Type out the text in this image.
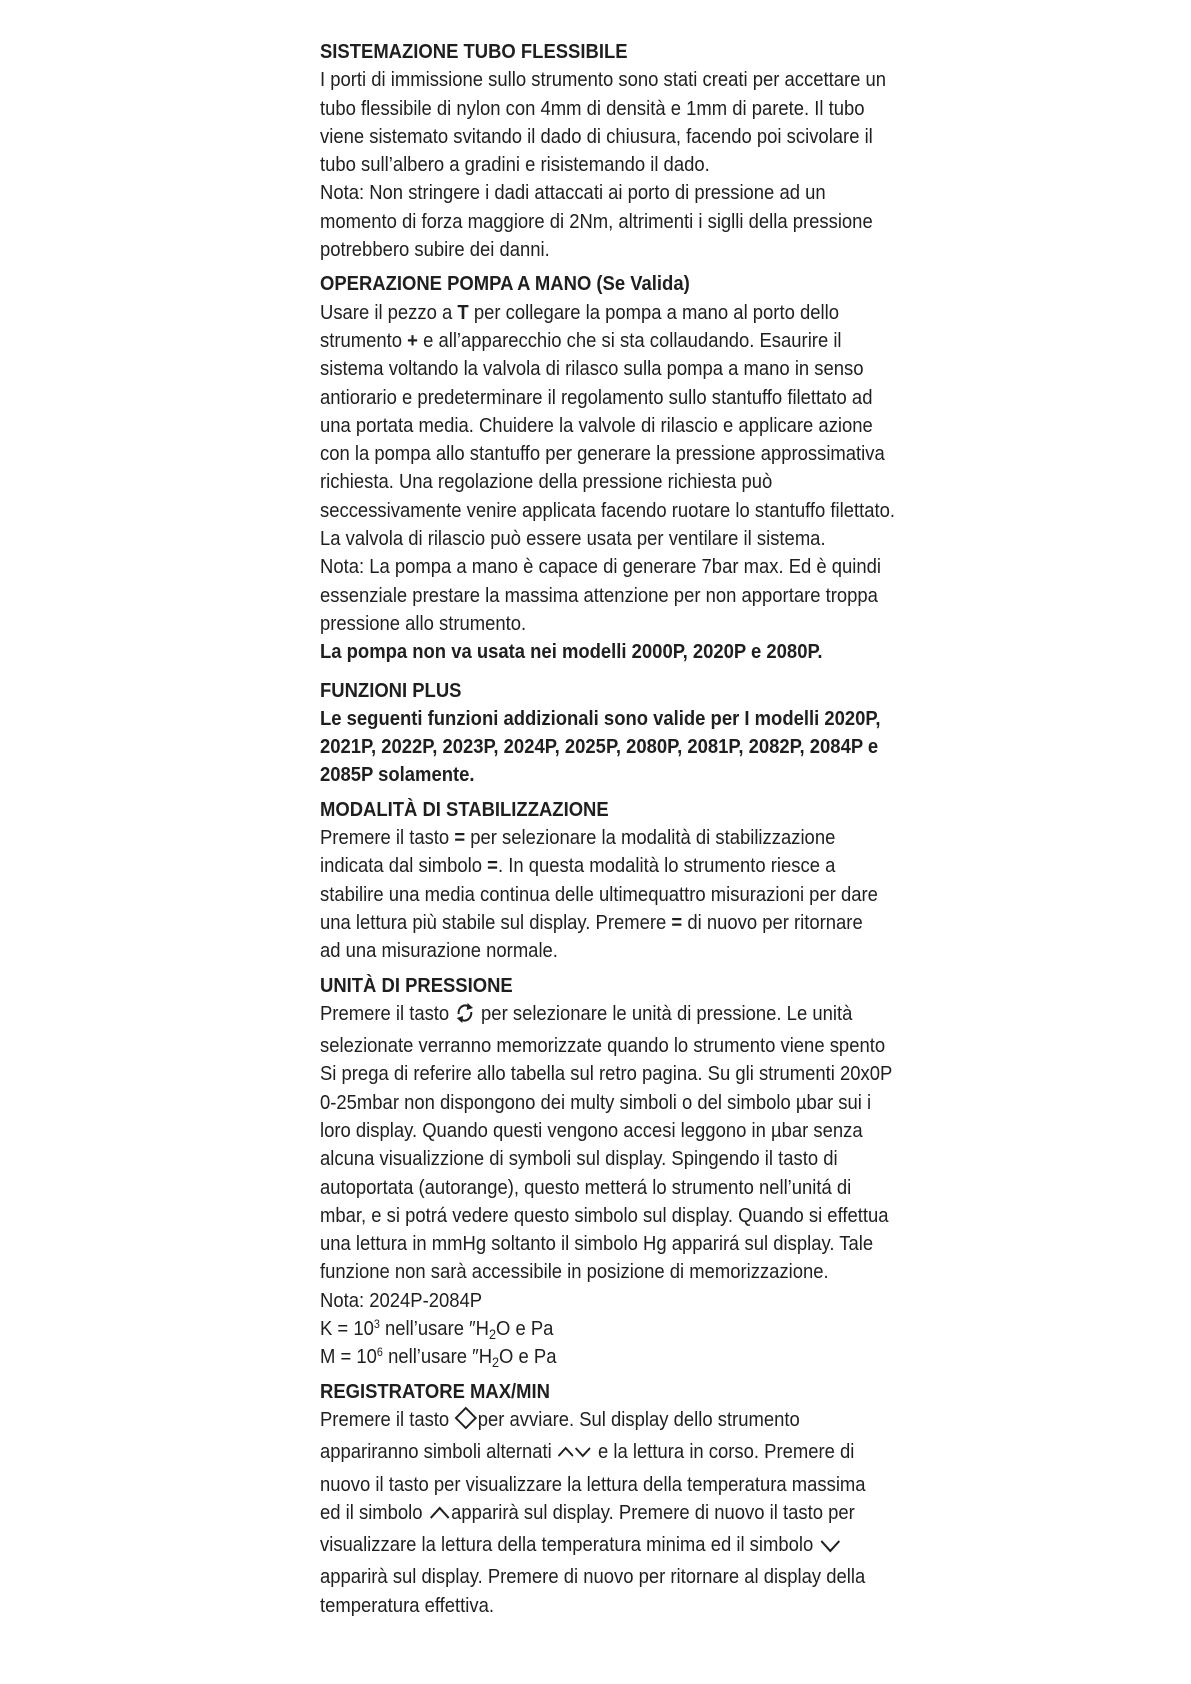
SISTEMAZIONE TUBO FLESSIBILE
I porti di immissione sullo strumento sono stati creati per accettare un
tubo flessibile di nylon con 4mm di densità e 1mm di parete. Il tubo
viene sistemato svitando il dado di chiusura, facendo poi scivolare il
tubo sull’albero a gradini e risistemando il dado.
Nota: Non stringere i dadi attaccati ai porto di pressione ad un
momento di forza maggiore di 2Nm, altrimenti i siglli della pressione
potrebbero subire dei danni.
OPERAZIONE POMPA A MANO (Se Valida)
Usare il pezzo a T per collegare la pompa a mano al porto dello
strumento + e all’apparecchio che si sta collaudando. Esaurire il
sistema voltando la valvola di rilasco sulla pompa a mano in senso
antiorario e predeterminare il regolamento sullo stantuffo filettato ad
una portata media. Chuidere la valvole di rilascio e applicare azione
con la pompa allo stantuffo per generare la pressione approssimativa
richiesta. Una regolazione della pressione richiesta può
seccessivamente venire applicata facendo ruotare lo stantuffo filettato.
La valvola di rilascio può essere usata per ventilare il sistema.
Nota: La pompa a mano è capace di generare 7bar max. Ed è quindi
essenziale prestare la massima attenzione per non apportare troppa
pressione allo strumento.
La pompa non va usata nei modelli 2000P, 2020P e 2080P.
FUNZIONI PLUS
Le seguenti funzioni addizionali sono valide per I modelli 2020P,
2021P, 2022P, 2023P, 2024P, 2025P, 2080P, 2081P, 2082P, 2084P e
2085P solamente.
MODALITÀ DI STABILIZZAZIONE
Premere il tasto = per selezionare la modalità di stabilizzazione
indicata dal simbolo =. In questa modalità lo strumento riesce a
stabilire una media continua delle ultimequattro misurazioni per dare
una lettura più stabile sul display. Premere = di nuovo per ritornare
ad una misurazione normale.
UNITÀ DI PRESSIONE
Premere il tasto  per selezionare le unità di pressione. Le unità
selezionate verranno memorizzate quando lo strumento viene spento
Si prega di referire allo tabella sul retro pagina. Su gli strumenti 20x0P
0-25mbar non dispongono dei multy simboli o del simbolo µbar sui i
loro display. Quando questi vengono accesi leggono in µbar senza
alcuna visualizzione di symboli sul display. Spingendo il tasto di
autoportata (autorange), questo metterá lo strumento nell’unitá di
mbar, e si potrá vedere questo simbolo sul display. Quando si effettua
una lettura in mmHg soltanto il simbolo Hg apparirá sul display. Tale
funzione non sarà accessibile in posizione di memorizzazione.
Nota: 2024P-2084P
$K = 10^3$ nell’usare $''H_2O$ e Pa
$M = 10^6$ nell’usare $''H_2O$ e Pa
REGISTRATORE MAX/MIN
Premere il tasto per avviare. Sul display dello strumento
appariranno simboli alternati  e la lettura in corso. Premere di
nuovo il tasto per visualizzare la lettura della temperatura massima
ed il simbolo apparirà sul display. Premere di nuovo il tasto per
visualizzare la lettura della temperatura minima ed il simbolo
apparirà sul display. Premere di nuovo per ritornare al display della
temperatura effettiva.
